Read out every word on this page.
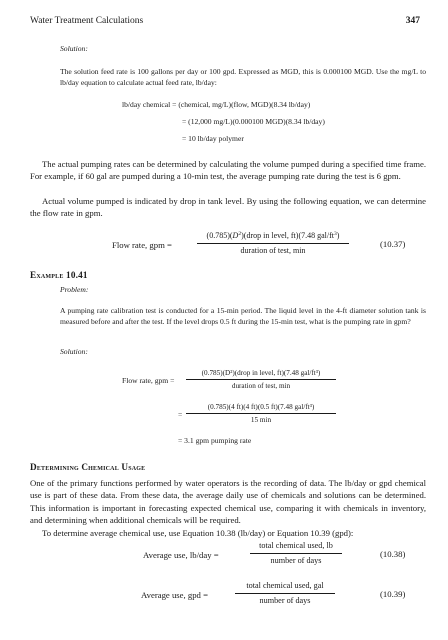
Water Treatment Calculations	347
Solution:

The solution feed rate is 100 gallons per day or 100 gpd. Expressed as MGD, this is 0.000100 MGD. Use the mg/L to lb/day equation to calculate actual feed rate, lb/day:

lb/day chemical = (chemical, mg/L)(flow, MGD)(8.34 lb/day)
= (12,000 mg/L)(0.000100 MGD)(8.34 lb/day)
= 10 lb/day polymer

The actual pumping rates can be determined by calculating the volume pumped during a specified time frame. For example, if 60 gal are pumped during a 10-min test, the average pumping rate during the test is 6 gpm.

Actual volume pumped is indicated by drop in tank level. By using the following equation, we can determine the flow rate in gpm.

Flow rate, gpm =
$(0.785)(D^2)(drop$ in level, ft)(7.48 gal/$ft^3$)
duration of test, min
(10.37)
Example 10.41
Problem:

A pumping rate calibration test is conducted for a 15-min period. The liquid level in the 4-ft diameter solution tank is measured before and after the test. If the level drops 0.5 ft during the 15-min test, what is the pumping rate in gpm?

Solution:
Flow rate, gpm =
(0.785)(D²)(drop in level, ft)(7.48 gal/ft³)
duration of test, min
=
(0.785)(4 ft)(4 ft)(0.5 ft)(7.48 gal/ft³)
15 min
= 3.1 gpm pumping rate
Determining Chemical Usage

One of the primary functions performed by water operators is the recording of data. The lb/day or gpd chemical use is part of these data. From these data, the average daily use of chemicals and solutions can be determined. This information is important in forecasting expected chemical use, comparing it with chemicals in inventory, and determining when additional chemicals will be required.

To determine average chemical use, use Equation 10.38 (lb/day) or Equation 10.39 (gpd):

Average use, lb/day =
total chemical used, lb
number of days
(10.38)
Average use, gpd =
total chemical used, gal
number of days
(10.39)
